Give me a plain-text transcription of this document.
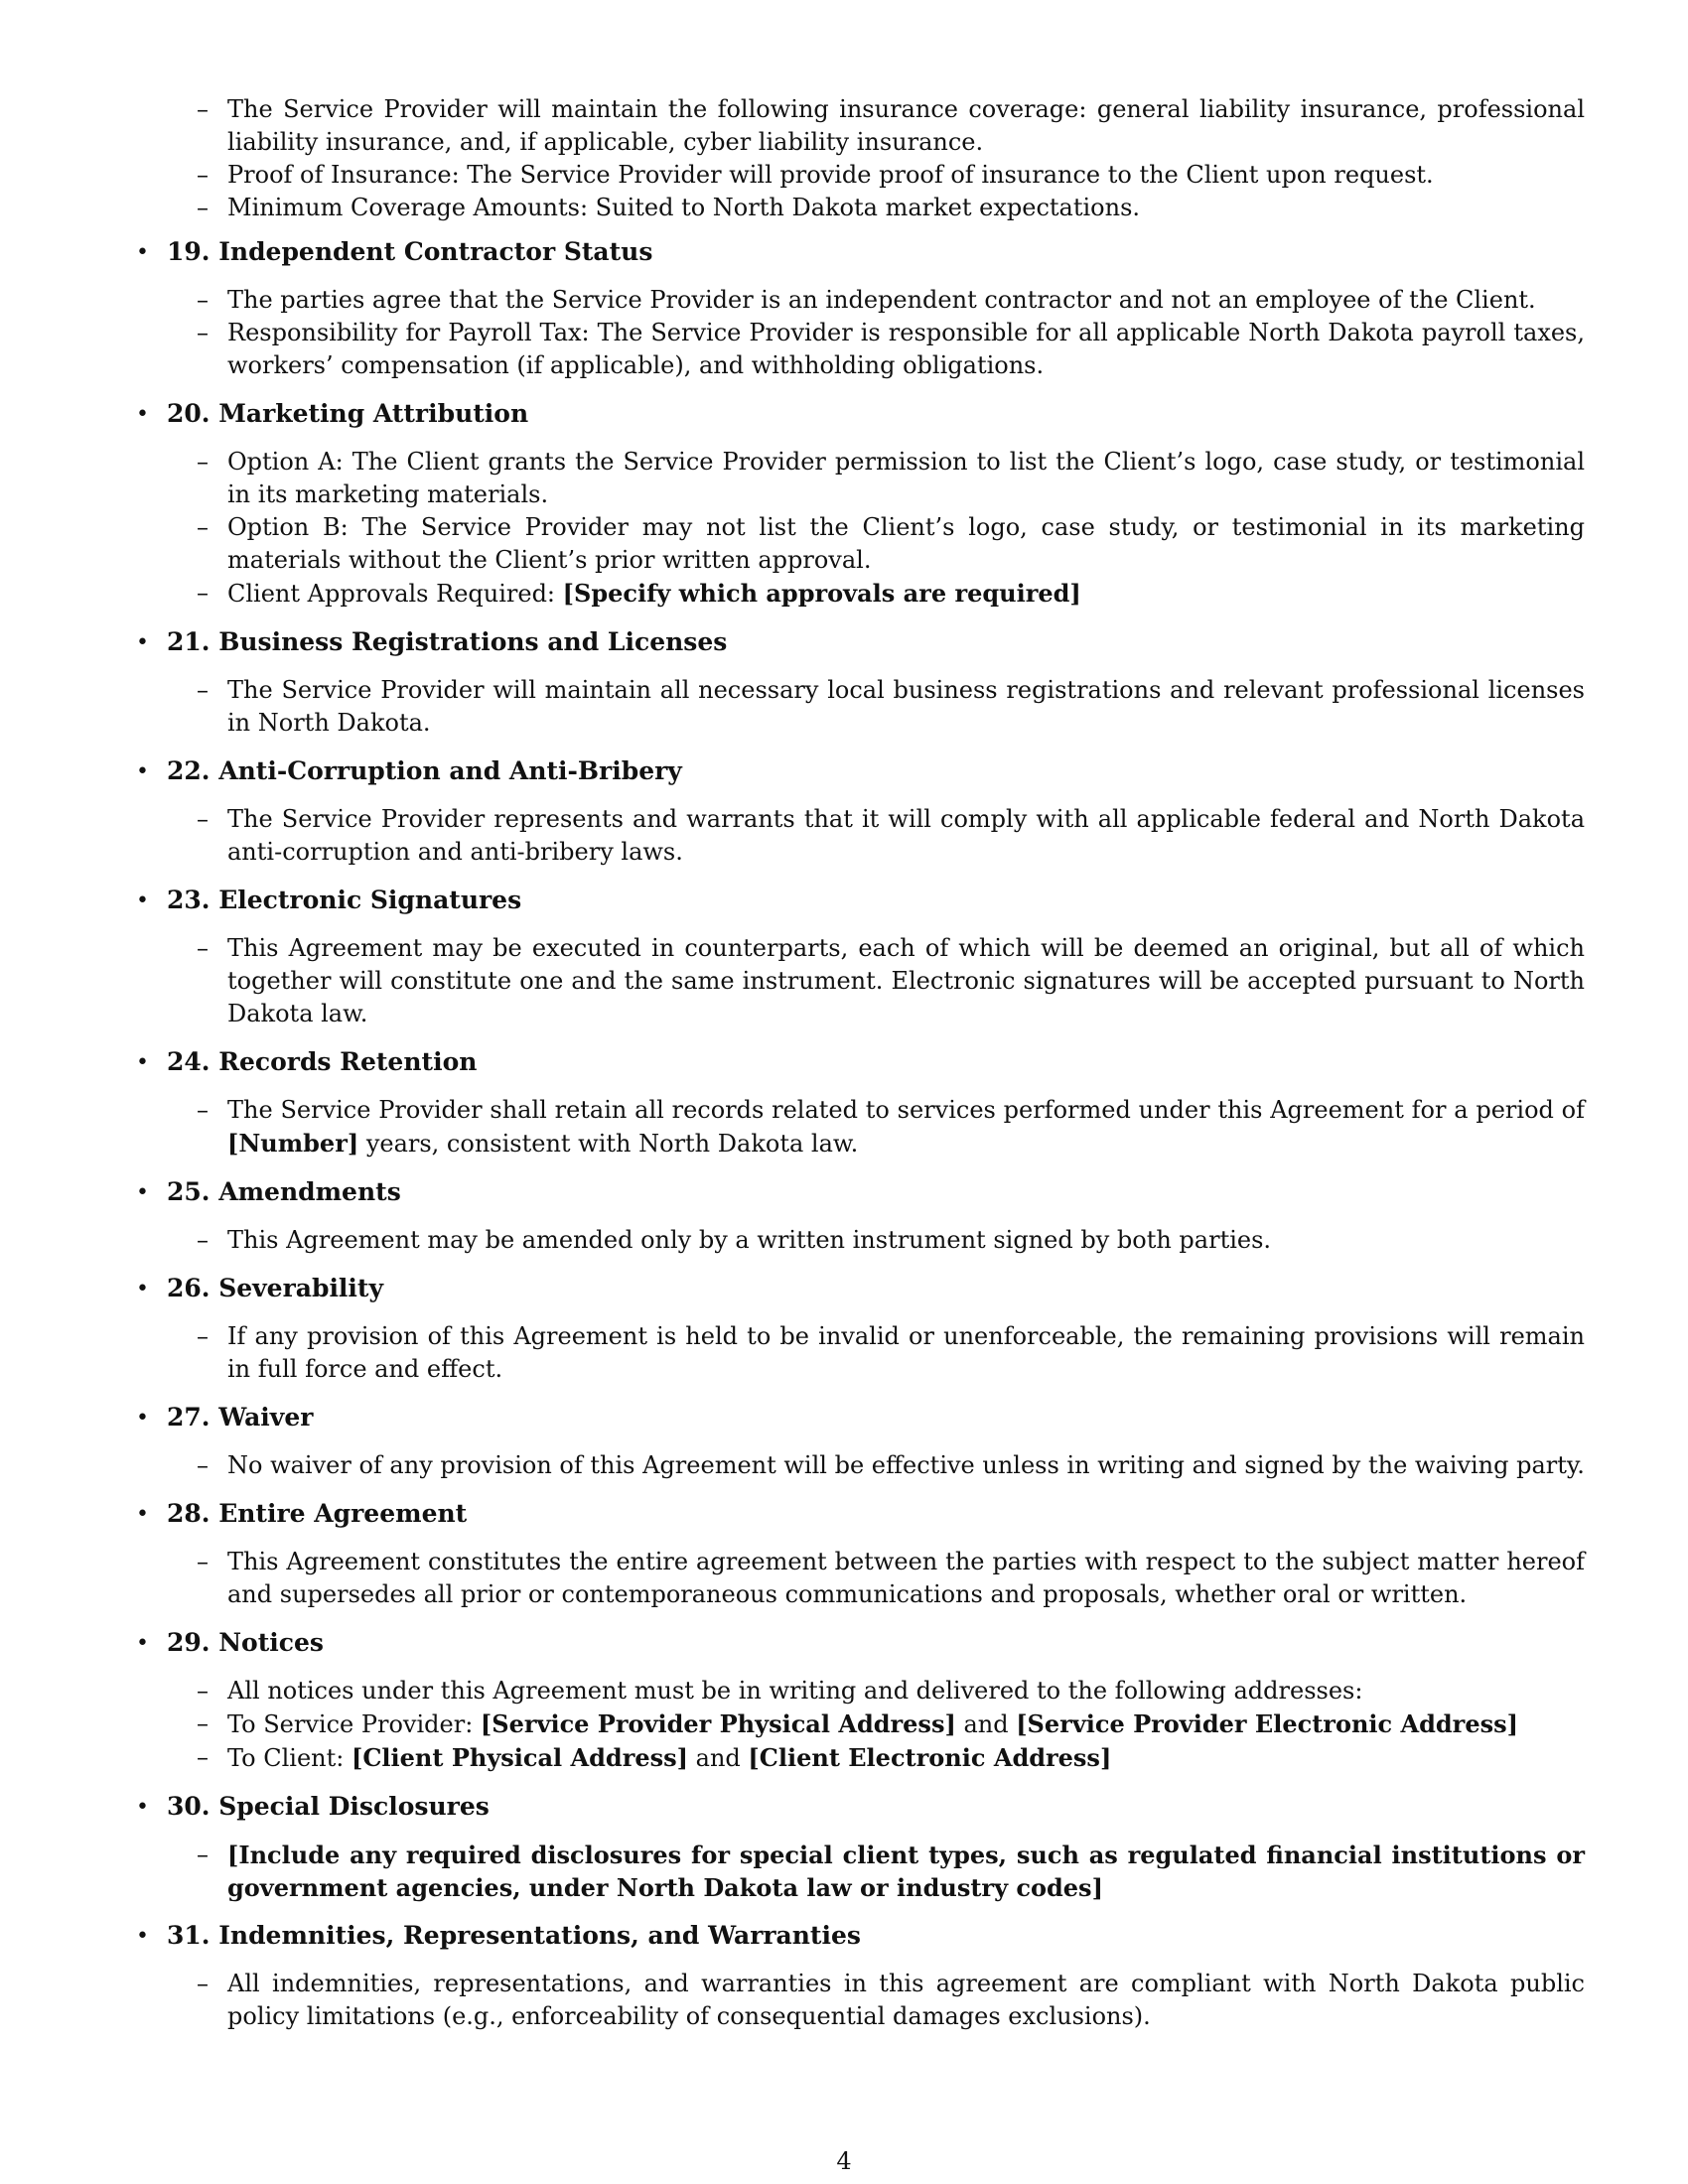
– The Service Provider will maintain the following insurance coverage: general liability insurance, professional liability insurance, and, if applicable, cyber liability insurance.
– Proof of Insurance: The Service Provider will provide proof of insurance to the Client upon request.
– Minimum Coverage Amounts: Suited to North Dakota market expectations.
• 19. Independent Contractor Status
– The parties agree that the Service Provider is an independent contractor and not an employee of the Client.
– Responsibility for Payroll Tax: The Service Provider is responsible for all applicable North Dakota payroll taxes, workers’ compensation (if applicable), and withholding obligations.
• 20. Marketing Attribution
– Option A: The Client grants the Service Provider permission to list the Client’s logo, case study, or testimonial in its marketing materials.
– Option B: The Service Provider may not list the Client’s logo, case study, or testimonial in its marketing materials without the Client’s prior written approval.
– Client Approvals Required: [Specify which approvals are required]
• 21. Business Registrations and Licenses
– The Service Provider will maintain all necessary local business registrations and relevant professional licenses in North Dakota.
• 22. Anti-Corruption and Anti-Bribery
– The Service Provider represents and warrants that it will comply with all applicable federal and North Dakota anti-corruption and anti-bribery laws.
• 23. Electronic Signatures
– This Agreement may be executed in counterparts, each of which will be deemed an original, but all of which together will constitute one and the same instrument. Electronic signatures will be accepted pursuant to North Dakota law.
• 24. Records Retention
– The Service Provider shall retain all records related to services performed under this Agreement for a period of [Number] years, consistent with North Dakota law.
• 25. Amendments
– This Agreement may be amended only by a written instrument signed by both parties.
• 26. Severability
– If any provision of this Agreement is held to be invalid or unenforceable, the remaining provisions will remain in full force and effect.
• 27. Waiver
– No waiver of any provision of this Agreement will be effective unless in writing and signed by the waiving party.
• 28. Entire Agreement
– This Agreement constitutes the entire agreement between the parties with respect to the subject matter hereof and supersedes all prior or contemporaneous communications and proposals, whether oral or written.
• 29. Notices
– All notices under this Agreement must be in writing and delivered to the following addresses:
– To Service Provider: [Service Provider Physical Address] and [Service Provider Electronic Address]
– To Client: [Client Physical Address] and [Client Electronic Address]
• 30. Special Disclosures
– [Include any required disclosures for special client types, such as regulated financial institutions or government agencies, under North Dakota law or industry codes]
• 31. Indemnities, Representations, and Warranties
– All indemnities, representations, and warranties in this agreement are compliant with North Dakota public policy limitations (e.g., enforceability of consequential damages exclusions).
4
